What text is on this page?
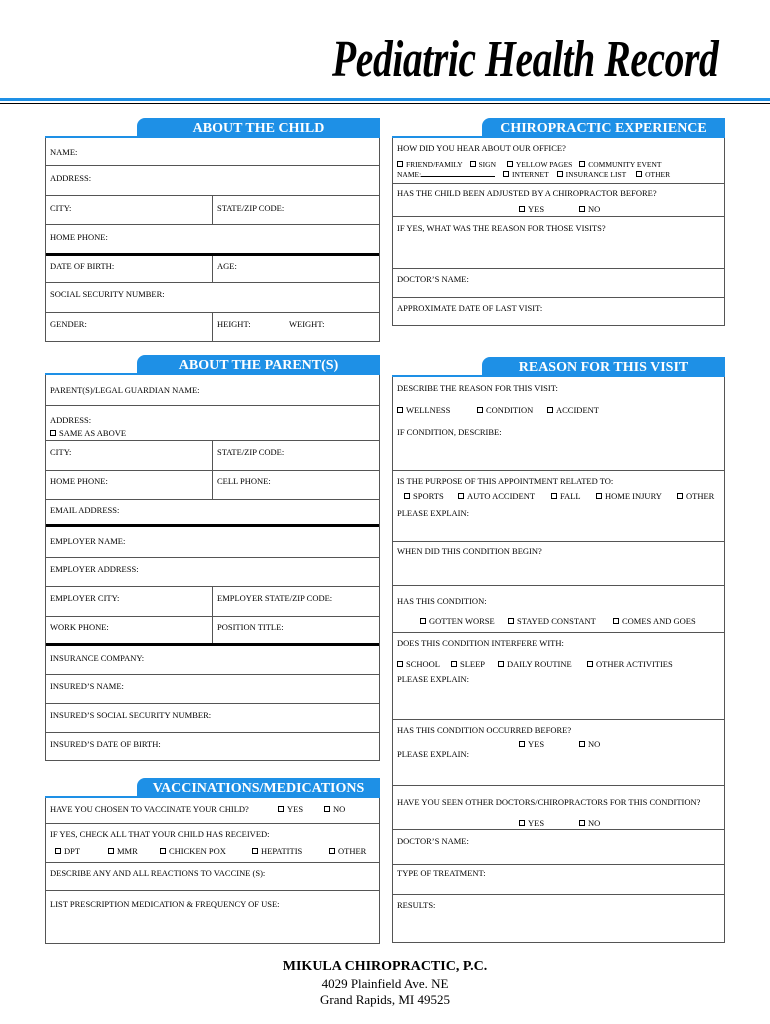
Pediatric Health Record
ABOUT THE CHILD
NAME:
ADDRESS:
CITY:	STATE/ZIP CODE:
HOME PHONE:
DATE OF BIRTH:	AGE:
SOCIAL SECURITY NUMBER:
GENDER:	HEIGHT:	WEIGHT:
CHIROPRACTIC EXPERIENCE
HOW DID YOU HEAR ABOUT OUR OFFICE?
FRIEND/FAMILY SIGN	YELLOW PAGES COMMUNITY EVENT
NAME:	INTERNET INSURANCE LIST	OTHER
HAS THE CHILD BEEN ADJUSTED BY A CHIROPRACTOR BEFORE?
YES	NO
IF YES, WHAT WAS THE REASON FOR THOSE VISITS?
DOCTOR’S NAME:
APPROXIMATE DATE OF LAST VISIT:
ABOUT THE PARENT(S)
PARENT(S)/LEGAL GUARDIAN NAME:
ADDRESS:
SAME AS ABOVE
CITY:	STATE/ZIP CODE:
HOME PHONE:	CELL PHONE:
EMAIL ADDRESS:
EMPLOYER NAME:
EMPLOYER ADDRESS:
EMPLOYER CITY:	EMPLOYER STATE/ZIP CODE:
WORK PHONE:	POSITION TITLE:
INSURANCE COMPANY:
INSURED’S NAME:
INSURED’S SOCIAL SECURITY NUMBER:
INSURED’S DATE OF BIRTH:
VACCINATIONS/MEDICATIONS
HAVE YOU CHOSEN TO VACCINATE YOUR CHILD?	YES	NO
IF YES, CHECK ALL THAT YOUR CHILD HAS RECEIVED:
DPT	MMR	CHICKEN POX	HEPATITIS	OTHER
DESCRIBE ANY AND ALL REACTIONS TO VACCINE (S):
LIST PRESCRIPTION MEDICATION & FREQUENCY OF USE:
REASON FOR THIS VISIT
DESCRIBE THE REASON FOR THIS VISIT:
WELLNESS	CONDITION	ACCIDENT
IF CONDITION, DESCRIBE:
IS THE PURPOSE OF THIS APPOINTMENT RELATED TO:
SPORTS	AUTO ACCIDENT	FALL	HOME INJURY	OTHER
PLEASE EXPLAIN:
WHEN DID THIS CONDITION BEGIN?
HAS THIS CONDITION:
GOTTEN WORSE	STAYED CONSTANT	COMES AND GOES
DOES THIS CONDITION INTERFERE WITH:
SCHOOL	SLEEP	DAILY ROUTINE	OTHER ACTIVITIES
PLEASE EXPLAIN:
HAS THIS CONDITION OCCURRED BEFORE?
YES	NO
PLEASE EXPLAIN:
HAVE YOU SEEN OTHER DOCTORS/CHIROPRACTORS FOR THIS CONDITION?
YES	NO
DOCTOR’S NAME:
TYPE OF TREATMENT:
RESULTS:
MIKULA CHIROPRACTIC, P.C.
4029 Plainfield Ave. NE
Grand Rapids, MI 49525
